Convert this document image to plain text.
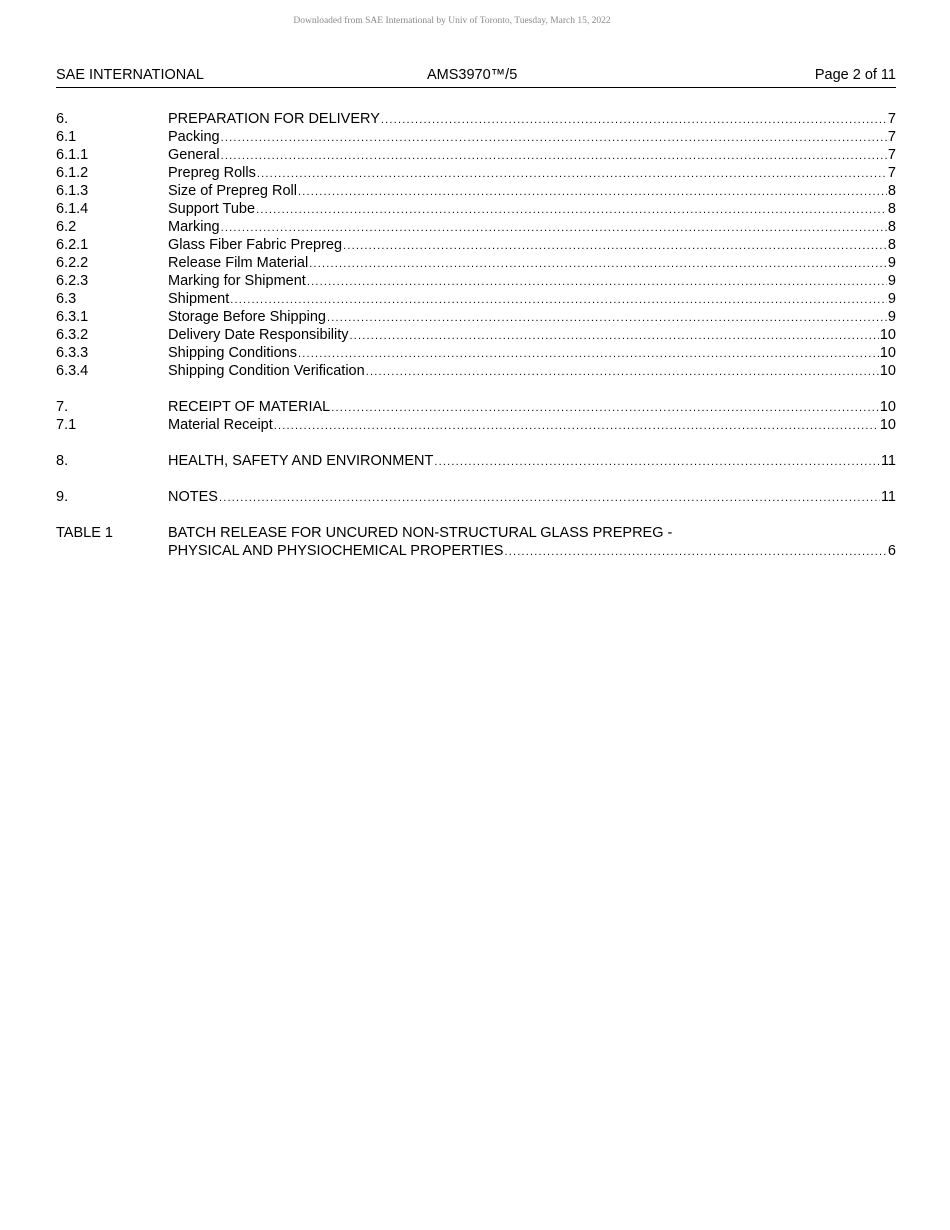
Downloaded from SAE International by Univ of Toronto, Tuesday, March 15, 2022
SAE INTERNATIONAL	AMS3970™/5	Page 2 of 11
6.	PREPARATION FOR DELIVERY .....	7
6.1	Packing .....	7
6.1.1	General .....	7
6.1.2	Prepreg Rolls .....	7
6.1.3	Size of Prepreg Roll .....	8
6.1.4	Support Tube .....	8
6.2	Marking .....	8
6.2.1	Glass Fiber Fabric Prepreg .....	8
6.2.2	Release Film Material .....	9
6.2.3	Marking for Shipment .....	9
6.3	Shipment .....	9
6.3.1	Storage Before Shipping .....	9
6.3.2	Delivery Date Responsibility .....	10
6.3.3	Shipping Conditions .....	10
6.3.4	Shipping Condition Verification .....	10
7.	RECEIPT OF MATERIAL .....	10
7.1	Material Receipt .....	10
8.	HEALTH, SAFETY AND ENVIRONMENT .....	11
9.	NOTES .....	11
TABLE 1	BATCH RELEASE FOR UNCURED NON-STRUCTURAL GLASS PREPREG -
PHYSICAL AND PHYSIOCHEMICAL PROPERTIES .....	6
